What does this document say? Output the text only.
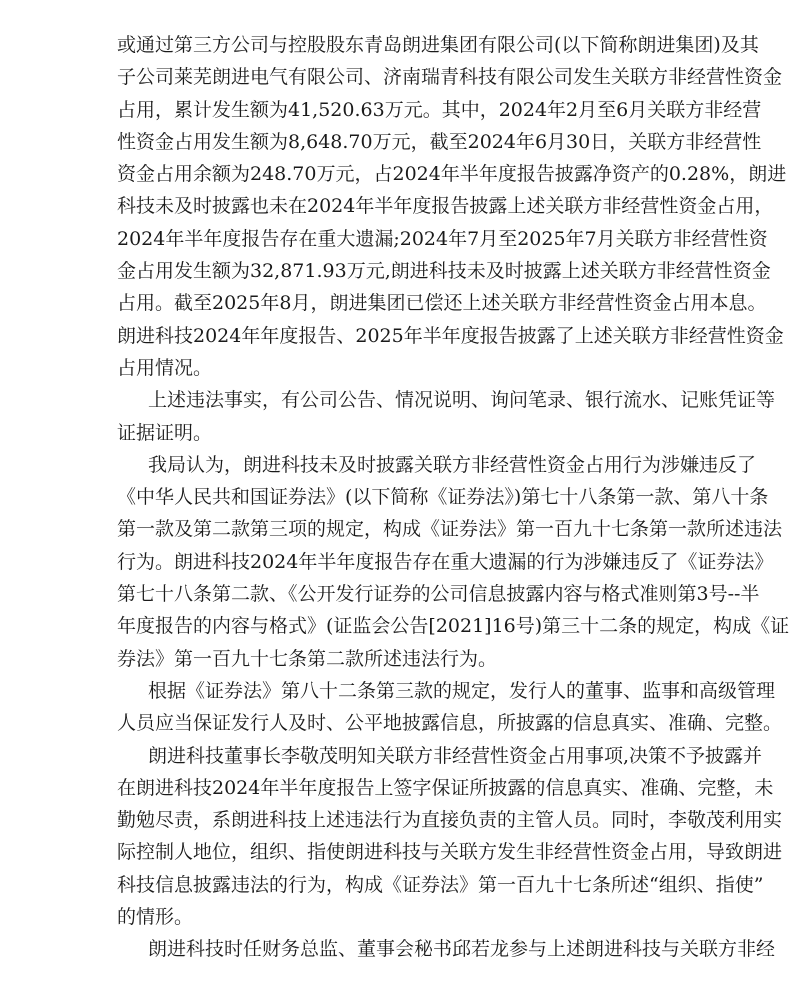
或通过第三方公司与控股股东青岛朗进集团有限公司(以下简称朗进集团)及其
子公司莱芜朗进电气有限公司、济南瑞青科技有限公司发生关联方非经营性资金
占用，累计发生额为41,520.63万元。其中，2024年2月至6月关联方非经营
性资金占用发生额为8,648.70万元，截至2024年6月30日，关联方非经营性
资金占用余额为248.70万元，占2024年半年度报告披露净资产的0.28%，朗进
科技未及时披露也未在2024年半年度报告披露上述关联方非经营性资金占用，
2024年半年度报告存在重大遗漏;2024年7月至2025年7月关联方非经营性资
金占用发生额为32,871.93万元,朗进科技未及时披露上述关联方非经营性资金
占用。截至2025年8月，朗进集团已偿还上述关联方非经营性资金占用本息。
朗进科技2024年年度报告、2025年半年度报告披露了上述关联方非经营性资金
占用情况。
上述违法事实，有公司公告、情况说明、询问笔录、银行流水、记账凭证等
证据证明。
我局认为，朗进科技未及时披露关联方非经营性资金占用行为涉嫌违反了
《中华人民共和国证券法》(以下简称《证券法》)第七十八条第一款、第八十条
第一款及第二款第三项的规定，构成《证券法》第一百九十七条第一款所述违法
行为。朗进科技2024年半年度报告存在重大遗漏的行为涉嫌违反了《证券法》
第七十八条第二款、《公开发行证券的公司信息披露内容与格式准则第3号--半
年度报告的内容与格式》(证监会公告[2021]16号)第三十二条的规定，构成《证
券法》第一百九十七条第二款所述违法行为。
根据《证券法》第八十二条第三款的规定，发行人的董事、监事和高级管理
人员应当保证发行人及时、公平地披露信息，所披露的信息真实、准确、完整。
朗进科技董事长李敬茂明知关联方非经营性资金占用事项,决策不予披露并
在朗进科技2024年半年度报告上签字保证所披露的信息真实、准确、完整，未
勤勉尽责，系朗进科技上述违法行为直接负责的主管人员。同时，李敬茂利用实
际控制人地位，组织、指使朗进科技与关联方发生非经营性资金占用，导致朗进
科技信息披露违法的行为，构成《证券法》第一百九十七条所述“组织、指使”
的情形。
朗进科技时任财务总监、董事会秘书邱若龙参与上述朗进科技与关联方非经
